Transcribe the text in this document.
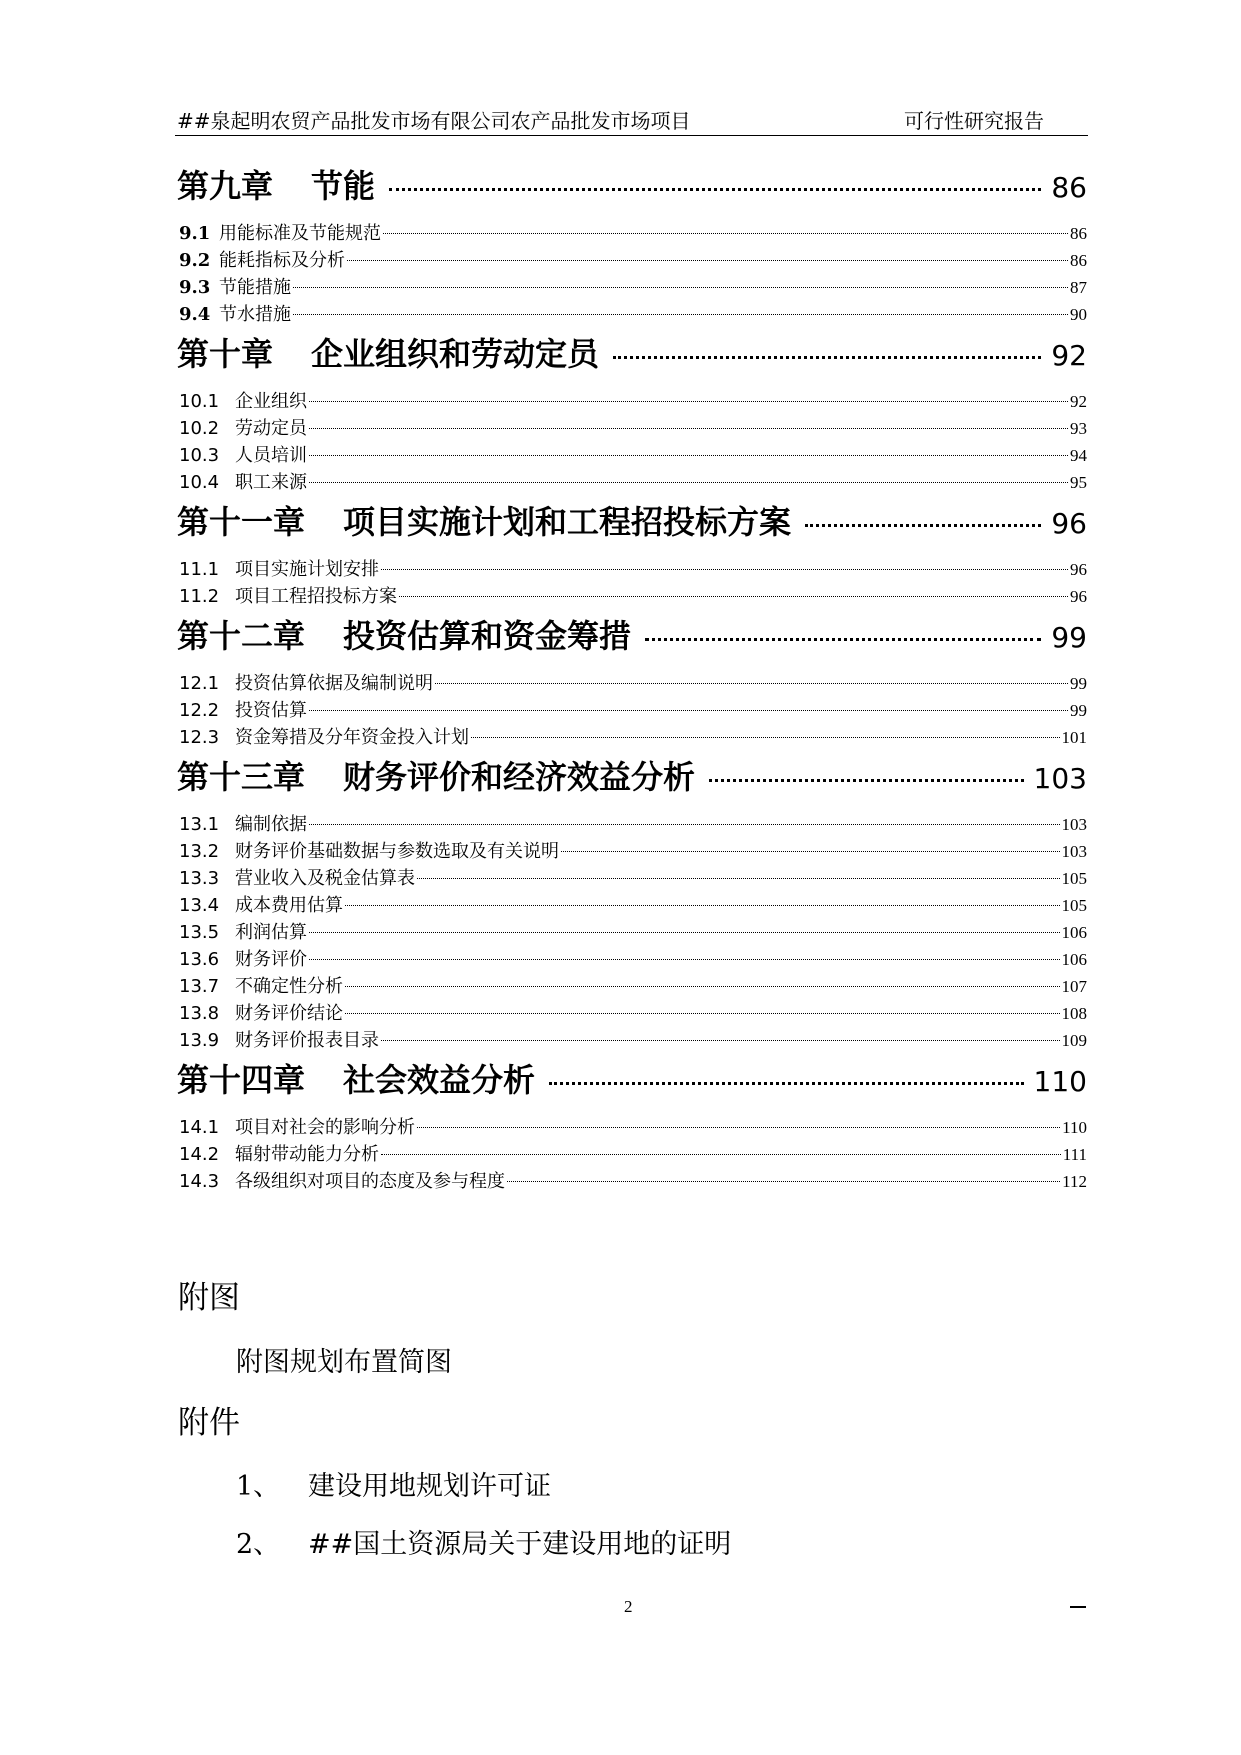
##泉起明农贸产品批发市场有限公司农产品批发市场项目	可行性研究报告
第九章 节能	86
9.1 用能标准及节能规范	86
9.2 能耗指标及分析	86
9.3 节能措施	87
9.4 节水措施	90
第十章 企业组织和劳动定员	92
10.1 企业组织	92
10.2 劳动定员	93
10.3 人员培训	94
10.4 职工来源	95
第十一章 项目实施计划和工程招投标方案	96
11.1 项目实施计划安排	96
11.2 项目工程招投标方案	96
第十二章 投资估算和资金筹措	99
12.1 投资估算依据及编制说明	99
12.2 投资估算	99
12.3 资金筹措及分年资金投入计划	101
第十三章 财务评价和经济效益分析	103
13.1 编制依据	103
13.2 财务评价基础数据与参数选取及有关说明	103
13.3 营业收入及税金估算表	105
13.4 成本费用估算	105
13.5 利润估算	106
13.6 财务评价	106
13.7 不确定性分析	107
13.8 财务评价结论	108
13.9 财务评价报表目录	109
第十四章 社会效益分析	110
14.1 项目对社会的影响分析	110
14.2 辐射带动能力分析	111
14.3 各级组织对项目的态度及参与程度	112
附图
附图规划布置简图
附件
1、 建设用地规划许可证
2、 ##国土资源局关于建设用地的证明
2
